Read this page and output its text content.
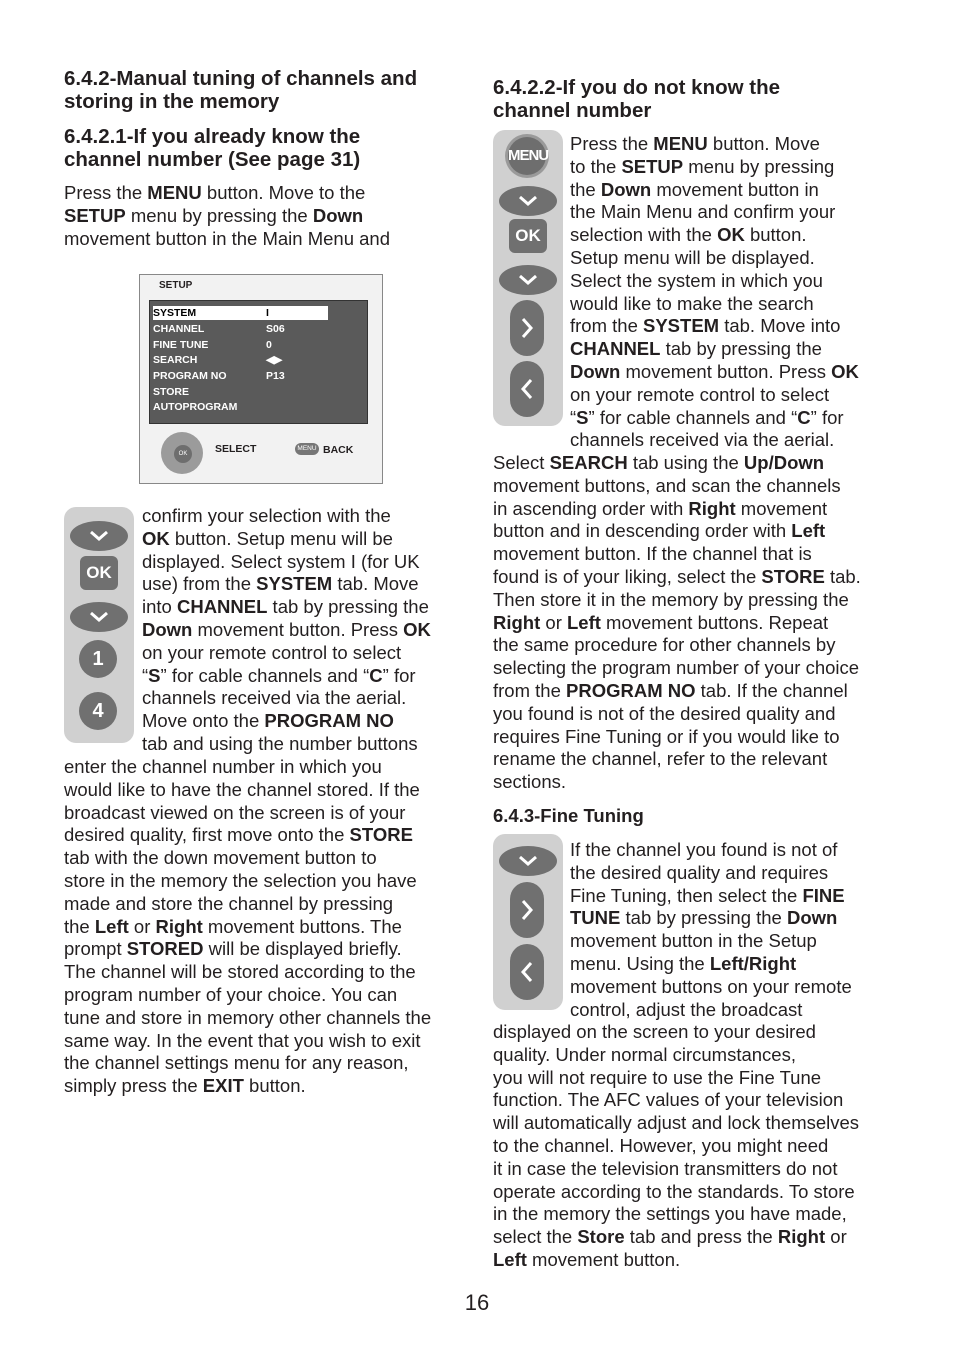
6.4.2-Manual tuning of channels and
storing in the memory
6.4.2.1-If you already know the
channel number (See page 31)
Press the MENU button. Move to the
SETUP menu by pressing the Down
movement button in the Main Menu and
SETUP
SYSTEM	I
CHANNEL	S06
FINE TUNE	0
SEARCH	◀▶
PROGRAM NO	P13
STORE
AUTOPROGRAM
OK	SELECT	MENU BACK
OK
1
4
confirm your selection with the
OK button. Setup menu will be
displayed. Select system I (for UK
use) from the SYSTEM tab. Move
into CHANNEL tab by pressing the
Down movement button. Press OK
on your remote control to select
“S” for cable channels and “C” for
channels received via the aerial.
Move onto the PROGRAM NO
tab and using the number buttons
enter the channel number in which you
would like to have the channel stored. If the
broadcast viewed on the screen is of your
desired quality, first move onto the STORE
tab with the down movement button to
store in the memory the selection you have
made and store the channel by pressing
the Left or Right movement buttons. The
prompt STORED will be displayed briefly.
The channel will be stored according to the
program number of your choice. You can
tune and store in memory other channels the
same way. In the event that you wish to exit
the channel settings menu for any reason,
simply press the EXIT button.
6.4.2.2-If you do not know the
channel number
MENU
OK
Press the MENU button. Move
to the SETUP menu by pressing
the Down movement button in
the Main Menu and confirm your
selection with the OK button.
Setup menu will be displayed.
Select the system in which you
would like to make the search
from the SYSTEM tab. Move into
CHANNEL tab by pressing the
Down movement button. Press OK
on your remote control to select
“S” for cable channels and “C” for
channels received via the aerial.
Select SEARCH tab using the Up/Down
movement buttons, and scan the channels
in ascending order with Right movement
button and in descending order with Left
movement button. If the channel that is
found is of your liking, select the STORE tab.
Then store it in the memory by pressing the
Right or Left movement buttons. Repeat
the same procedure for other channels by
selecting the program number of your choice
from the PROGRAM NO tab. If the channel
you found is not of the desired quality and
requires Fine Tuning or if you would like to
rename the channel, refer to the relevant
sections.
6.4.3-Fine Tuning
If the channel you found is not of
the desired quality and requires
Fine Tuning, then select the FINE
TUNE tab by pressing the Down
movement button in the Setup
menu. Using the Left/Right
movement buttons on your remote
control, adjust the broadcast
displayed on the screen to your desired
quality. Under normal circumstances,
you will not require to use the Fine Tune
function. The AFC values of your television
will automatically adjust and lock themselves
to the channel. However, you might need
it in case the television transmitters do not
operate according to the standards. To store
in the memory the settings you have made,
select the Store tab and press the Right or
Left movement button.
16
